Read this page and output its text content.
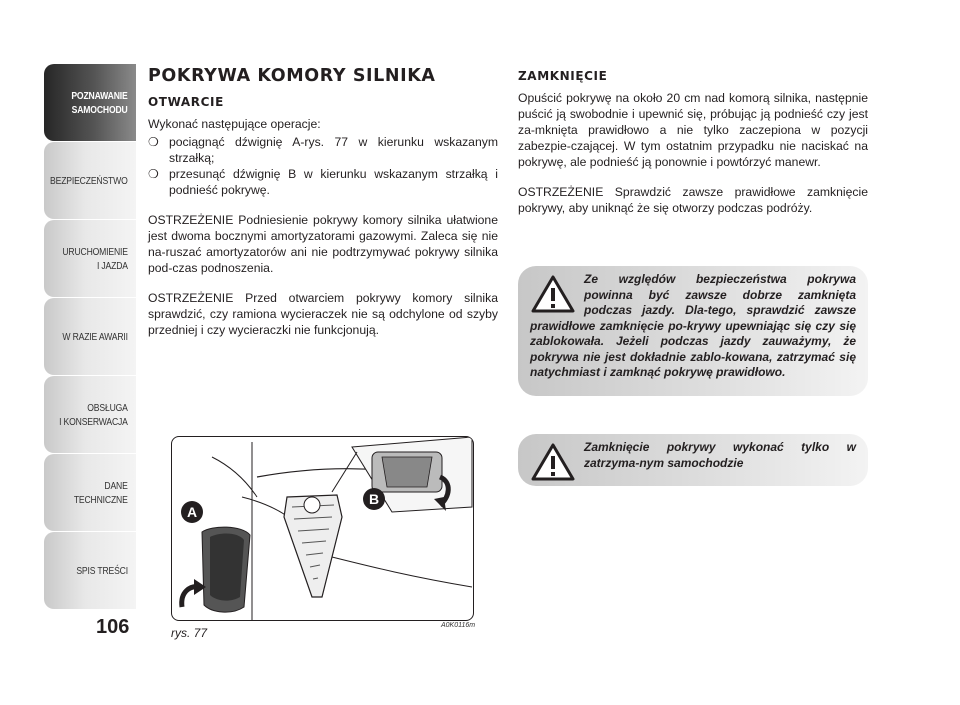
POZNAWANIE
SAMOCHODU
BEZPIECZEŃSTWO
URUCHOMIENIE
I JAZDA
W RAZIE AWARII
OBSŁUGA
I KONSERWACJA
DANE
TECHNICZNE
SPIS TREŚCI
106
POKRYWA KOMORY SILNIKA
OTWARCIE

Wykonać następujące operacje:

❍ pociągnąć dźwignię A-rys. 77 w kierunku wskazanym strzałką;
❍ przesunąć dźwignię B w kierunku wskazanym strzałką i podnieść pokrywę.

OSTRZEŻENIE Podniesienie pokrywy komory silnika ułatwione jest dwoma bocznymi amortyzatorami gazowymi. Zaleca się nie na-ruszać amortyzatorów ani nie podtrzymywać pokrywy silnika pod-czas podnoszenia.

OSTRZEŻENIE Przed otwarciem pokrywy komory silnika sprawdzić, czy ramiona wycieraczek nie są odchylone od szyby przedniej i czy wycieraczki nie funkcjonują.

ZAMKNIĘCIE

Opuścić pokrywę na około 20 cm nad komorą silnika, następnie puścić ją swobodnie i upewnić się, próbując ją podnieść czy jest za-mknięta prawidłowo a nie tylko zaczepiona w pozycji zabezpie-czającej. W tym ostatnim przypadku nie naciskać na pokrywę, ale podnieść ją ponownie i powtórzyć manewr.

OSTRZEŻENIE Sprawdzić zawsze prawidłowe zamknięcie pokrywy, aby uniknąć że się otworzy podczas podróży.

Ze względów bezpieczeństwa pokrywa powinna być zawsze dobrze zamknięta podczas jazdy. Dla-tego, sprawdzić zawsze prawidłowe zamknięcie po-krywy upewniając się czy się zablokowała. Jeżeli podczas jazdy zauważymy, że pokrywa nie jest dokładnie zablo-kowana, zatrzymać się natychmiast i zamknąć pokrywę prawidłowo.
Zamknięcie pokrywy wykonać tylko w zatrzyma-nym samochodzie
A
B
rys. 77
A0K0116m
